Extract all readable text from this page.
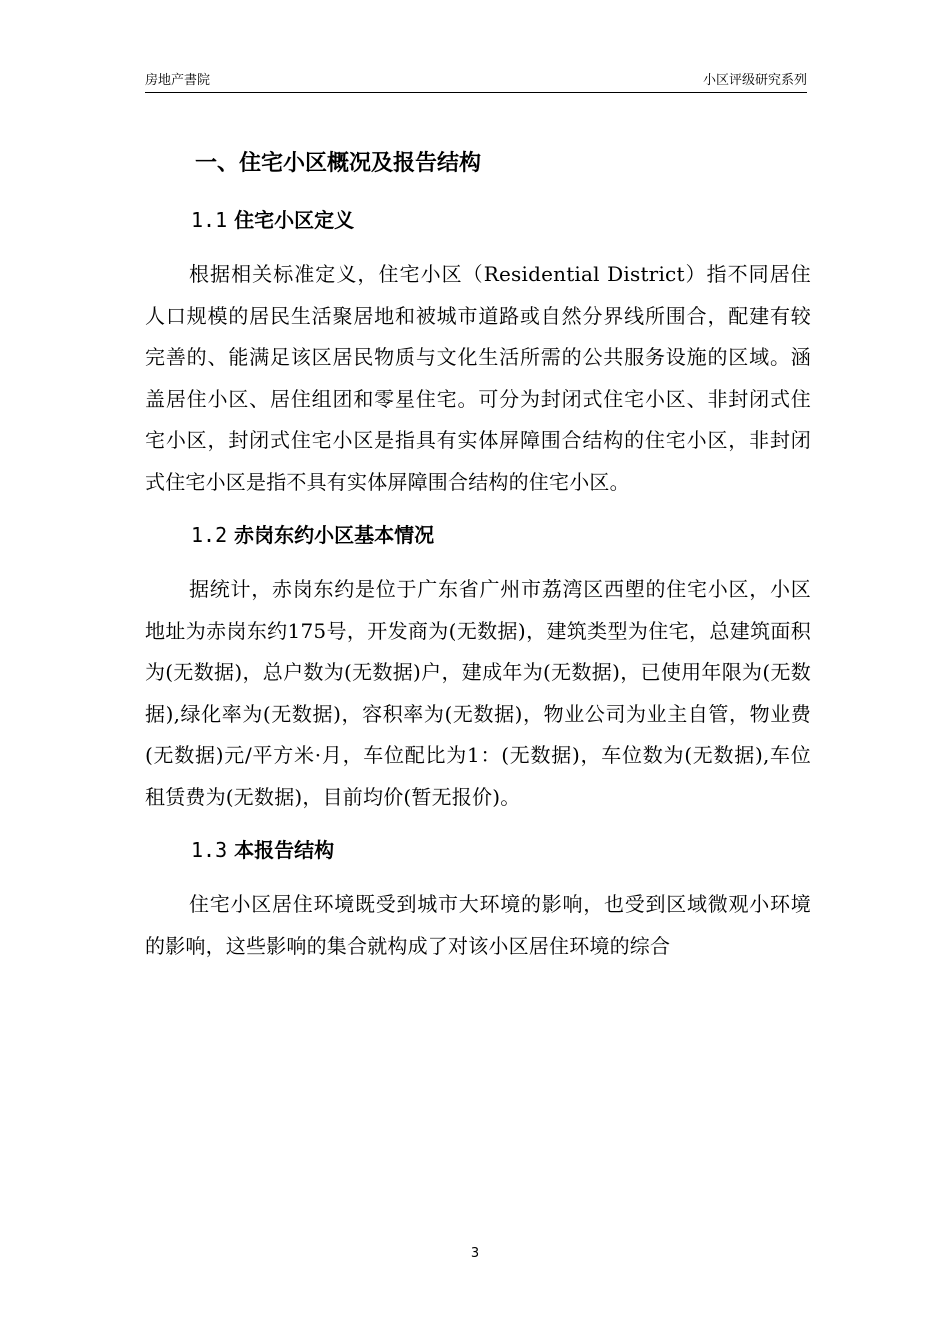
房地产書院	小区评级研究系列
一、住宅小区概况及报告结构
1.1 住宅小区定义

根据相关标准定义，住宅小区（Residential District）指不同居住人口规模的居民生活聚居地和被城市道路或自然分界线所围合，配建有较完善的、能满足该区居民物质与文化生活所需的公共服务设施的区域。涵盖居住小区、居住组团和零星住宅。可分为封闭式住宅小区、非封闭式住宅小区，封闭式住宅小区是指具有实体屏障围合结构的住宅小区，非封闭式住宅小区是指不具有实体屏障围合结构的住宅小区。

1.2 赤岗东约小区基本情况

据统计，赤岗东约是位于广东省广州市荔湾区西塱的住宅小区，小区地址为赤岗东约175号，开发商为(无数据)，建筑类型为住宅，总建筑面积为(无数据)，总户数为(无数据)户，建成年为(无数据)，已使用年限为(无数据),绿化率为(无数据)，容积率为(无数据)，物业公司为业主自管，物业费(无数据)元/平方米·月，车位配比为1：(无数据)，车位数为(无数据),车位租赁费为(无数据)，目前均价(暂无报价)。

1.3 本报告结构

住宅小区居住环境既受到城市大环境的影响，也受到区域微观小环境的影响，这些影响的集合就构成了对该小区居住环境的综合

3
